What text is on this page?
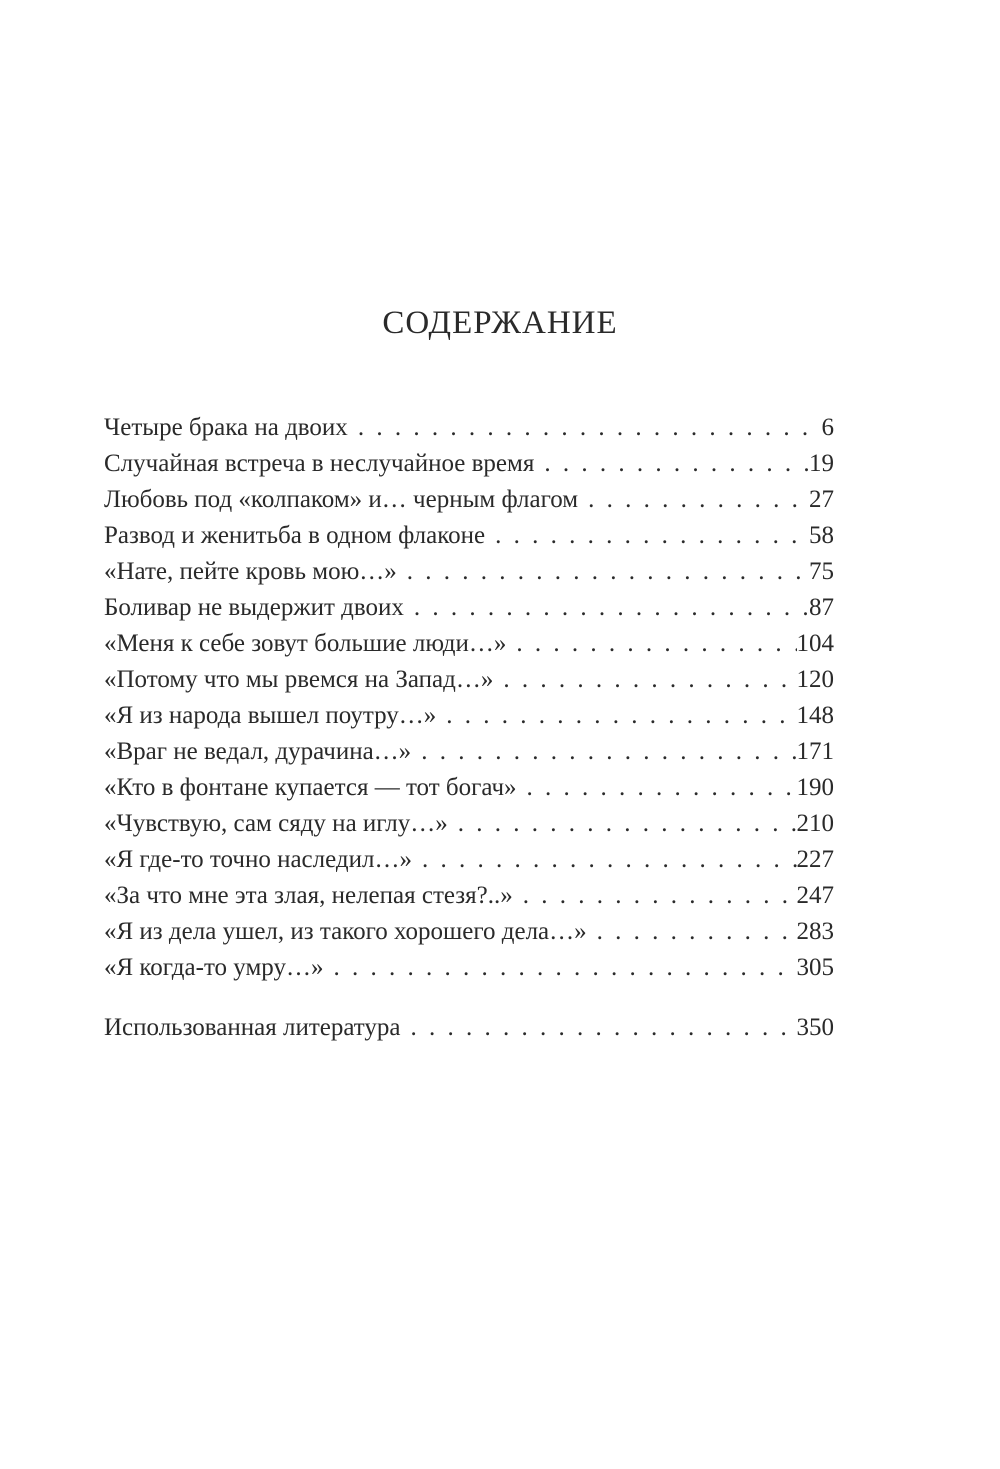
СОДЕРЖАНИЕ
Четыре брака на двоих . . .	6
Случайная встреча в неслучайное время . . .	19
Любовь под «колпаком» и… черным флагом . . .	27
Развод и женитьба в одном флаконе . . .	58
«Нате, пейте кровь мою…» . . .	75
Боливар не выдержит двоих . . .	87
«Меня к себе зовут большие люди…» . . .	104
«Потому что мы рвемся на Запад…» . . .	120
«Я из народа вышел поутру…» . . .	148
«Враг не ведал, дурачина…» . . .	171
«Кто в фонтане купается — тот богач» . . .	190
«Чувствую, сам сяду на иглу…» . . .	210
«Я где-то точно наследил…» . . .	227
«За что мне эта злая, нелепая стезя?..» . . .	247
«Я из дела ушел, из такого хорошего дела…» . . .	283
«Я когда-то умру…» . . .	305
Использованная литература . . .	350
